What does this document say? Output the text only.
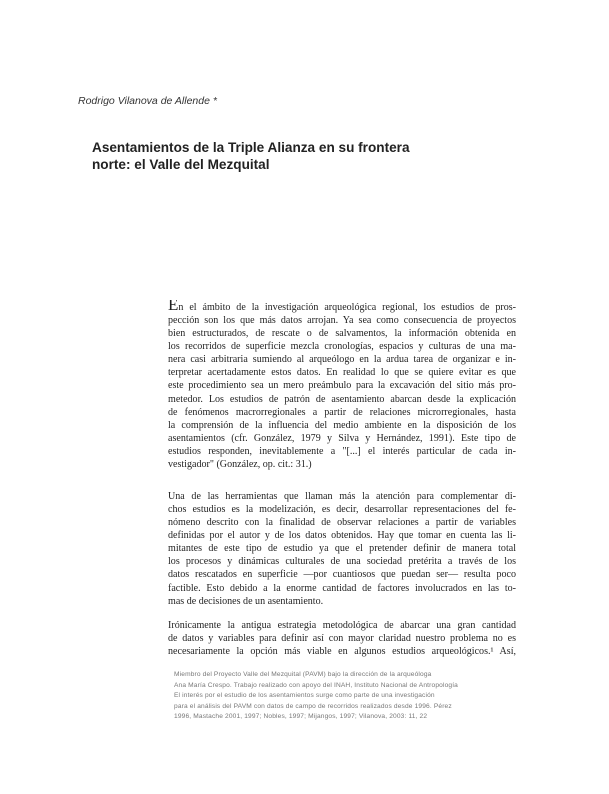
Rodrigo Vilanova de Allende *
Asentamientos de la Triple Alianza en su frontera
norte: el Valle del Mezquital
En el ámbito de la investigación arqueológica regional, los estudios de pros-
pección son los que más datos arrojan. Ya sea como consecuencia de proyectos
bien estructurados, de rescate o de salvamentos, la información obtenida en
los recorridos de superficie mezcla cronologías, espacios y culturas de una ma-
nera casi arbitraria sumiendo al arqueólogo en la ardua tarea de organizar e in-
terpretar acertadamente estos datos. En realidad lo que se quiere evitar es que
este procedimiento sea un mero preámbulo para la excavación del sitio más pro-
metedor. Los estudios de patrón de asentamiento abarcan desde la explicación
de fenómenos macrorregionales a partir de relaciones microrregionales, hasta
la comprensión de la influencia del medio ambiente en la disposición de los
asentamientos (cfr. González, 1979 y Silva y Hernández, 1991). Este tipo de
estudios responden, inevitablemente a "[...] el interés particular de cada in-
vestigador" (González, op. cit.: 31.)
Una de las herramientas que llaman más la atención para complementar di-
chos estudios es la modelización, es decir, desarrollar representaciones del fe-
nómeno descrito con la finalidad de observar relaciones a partir de variables
definidas por el autor y de los datos obtenidos. Hay que tomar en cuenta las li-
mitantes de este tipo de estudio ya que el pretender definir de manera total
los procesos y dinámicas culturales de una sociedad pretérita a través de los
datos rescatados en superficie —por cuantiosos que puedan ser— resulta poco
factible. Esto debido a la enorme cantidad de factores involucrados en las to-
mas de decisiones de un asentamiento.
Irónicamente la antigua estrategia metodológica de abarcar una gran cantidad
de datos y variables para definir así con mayor claridad nuestro problema no es
necesariamente la opción más viable en algunos estudios arqueológicos.¹ Así,
Miembro del Proyecto Valle del Mezquital (PAVM) bajo la dirección de la arqueóloga
Ana María Crespo. Trabajo realizado con apoyo del INAH, Instituto Nacional de Antropología
El interés por el estudio de los asentamientos surge como parte de una investigación
para el análisis del PAVM con datos de campo de recorridos realizados desde 1996. Pérez
1996, Mastache 2001, 1997; Nobles, 1997; Mijangos, 1997; Vilanova, 2003: 11, 22
